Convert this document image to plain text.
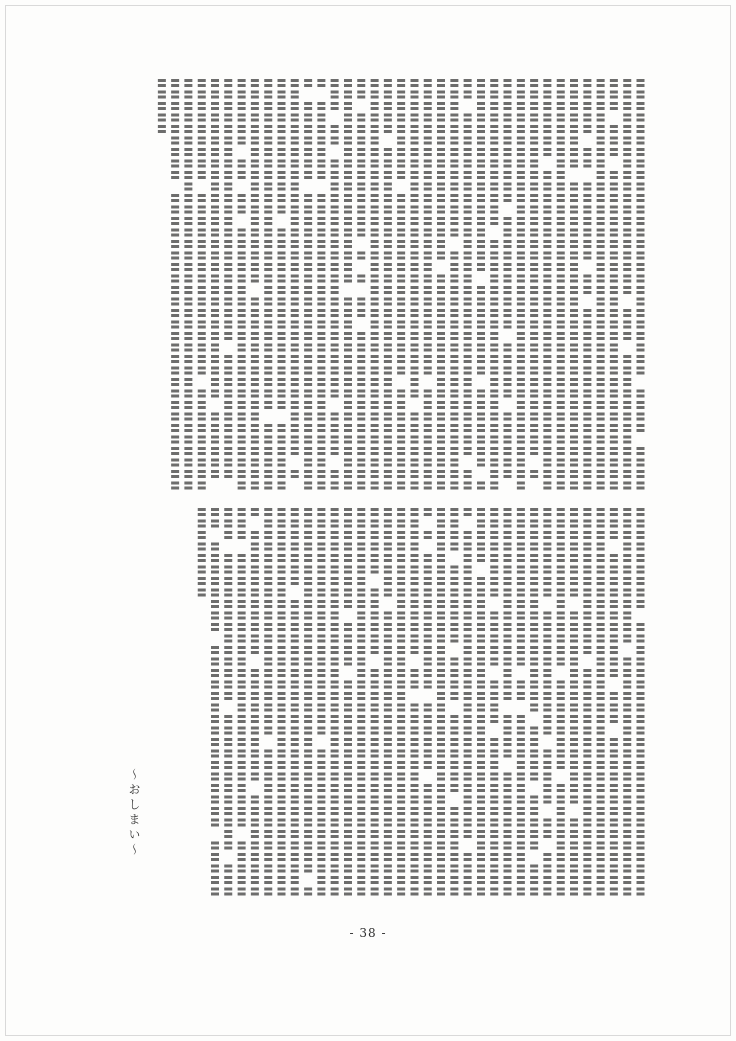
〓〓〓〓〓〓〓〓〓〓〓〓〓〓〓〓〓〓〓〓〓〓〓〓〓〓　〓〓〓〓　〓〓〓〓〓〓〓〓〓〓〓〓〓〓〓〓〓〓〓〓〓〓〓　〓〓〓　〓〓〓〓〓〓〓〓〓〓〓〓〓〓〓　〓〓〓　〓〓〓〓〓〓〓〓〓〓〓〓〓〓〓〓〓〓〓〓〓〓〓〓〓〓〓〓〓〓〓〓〓〓〓〓〓〓〓〓〓〓〓〓〓〓〓〓〓〓〓〓〓〓〓〓〓〓〓〓〓〓〓〓〓〓〓〓〓　〓〓　〓〓〓〓〓〓〓　〓〓　〓〓〓〓〓〓〓〓〓〓〓〓〓〓〓〓〓〓〓〓〓〓〓〓　〓〓〓〓〓〓〓〓〓〓〓〓〓〓〓〓〓〓〓〓〓〓〓〓〓〓〓〓〓〓〓〓〓〓〓〓〓〓〓〓〓〓〓〓〓〓〓〓〓〓〓〓〓〓〓〓〓〓〓〓〓〓〓〓〓〓〓〓〓〓　〓〓〓〓〓〓〓〓〓〓〓〓〓〓〓〓〓〓〓〓〓〓〓〓〓〓〓〓〓〓〓〓〓〓〓〓〓〓〓〓〓〓〓〓〓〓〓〓〓〓〓〓〓〓〓〓〓〓〓〓〓　〓　〓〓〓〓〓〓〓〓〓〓〓〓〓〓〓〓〓〓〓〓〓〓〓〓〓〓〓〓〓〓〓〓〓〓〓〓〓〓〓〓〓〓〓〓〓〓〓　〓〓〓〓〓〓〓〓〓〓　〓〓〓〓〓　〓〓〓〓〓〓　〓〓〓〓〓〓〓〓〓〓〓〓〓　〓〓〓〓〓〓〓〓〓〓〓〓〓〓〓〓〓〓〓〓〓〓〓〓〓〓〓〓〓〓〓〓〓〓〓〓〓〓〓　〓〓〓〓〓〓〓〓　〓〓〓〓〓〓〓　〓〓〓　〓〓〓〓〓〓〓〓〓〓〓〓〓〓〓〓〓〓〓〓〓〓〓〓〓〓〓〓〓〓　〓〓〓〓〓〓〓〓〓〓〓〓〓〓〓〓　〓〓〓〓〓〓〓〓〓〓〓〓〓〓〓〓〓〓〓〓〓〓〓〓〓〓〓〓〓〓〓〓〓〓〓〓〓　〓〓〓〓〓〓〓〓〓〓〓〓〓〓〓〓〓〓〓〓〓〓〓〓〓〓〓〓〓〓〓〓〓〓〓〓〓〓〓〓〓〓〓〓〓　〓〓〓〓〓〓〓〓〓〓〓〓〓〓〓〓〓〓〓〓〓〓〓〓〓〓〓〓〓〓〓〓〓〓〓〓〓　〓〓〓〓〓〓〓〓〓〓〓〓〓〓〓〓　〓〓〓〓〓〓〓〓〓〓〓〓〓〓〓〓　〓〓〓〓〓〓〓〓〓〓〓〓〓〓　〓〓〓〓〓〓〓〓〓〓〓〓〓〓〓〓〓〓〓〓〓〓〓〓〓〓〓〓〓〓〓〓〓〓〓〓〓〓〓〓〓〓〓〓〓〓〓〓〓〓〓〓〓〓〓〓〓〓〓〓〓〓〓〓〓〓〓〓　〓〓〓〓〓〓〓〓〓〓〓　〓　〓　〓〓　〓〓〓〓〓〓〓〓〓〓〓〓〓〓〓〓〓〓〓〓〓〓〓〓〓〓〓〓〓〓〓〓　〓〓〓〓〓〓〓〓〓〓〓〓〓〓〓〓〓〓〓〓　〓〓　〓〓〓〓〓〓〓〓〓〓〓〓〓〓〓〓〓〓〓〓〓　〓〓〓〓　〓〓〓　〓〓〓〓〓〓〓　〓〓〓〓〓〓〓〓〓〓〓〓〓〓〓〓〓〓〓〓〓〓〓〓〓〓〓　〓〓〓〓〓〓〓　〓〓〓〓〓〓〓〓〓〓〓〓〓〓〓〓〓〓〓〓〓〓〓〓〓〓〓〓〓〓〓〓〓〓〓〓〓〓〓〓〓〓〓〓〓〓〓〓〓〓〓〓〓〓〓〓〓〓〓　〓　〓〓〓〓〓〓〓〓〓〓〓〓　〓〓〓〓〓〓〓〓〓〓〓〓〓〓〓〓　〓〓〓〓〓〓〓〓〓〓〓〓〓〓〓〓〓〓〓〓〓〓〓〓〓〓〓〓〓〓〓〓〓〓〓　〓〓〓〓〓〓〓〓〓〓〓〓〓〓〓〓〓〓〓〓〓〓〓〓　〓〓〓〓〓〓〓〓〓〓〓〓〓〓〓〓〓〓〓〓〓〓〓　〓〓　〓〓　〓〓〓〓〓〓〓〓〓〓〓〓〓〓〓〓〓〓〓〓〓〓〓〓〓〓〓〓〓〓〓〓〓〓〓〓〓〓〓〓〓〓〓〓〓〓　〓〓〓〓〓〓〓〓〓〓〓　〓〓〓〓〓〓〓〓〓〓〓〓〓〓〓〓〓〓〓〓〓〓〓〓〓〓〓〓　〓〓〓〓〓〓　〓〓〓〓〓〓〓〓〓　〓〓〓〓〓〓〓〓〓〓〓〓〓〓〓〓　〓〓〓〓〓〓〓〓〓〓〓〓〓〓〓〓〓〓〓〓〓〓〓〓〓〓〓〓〓〓〓〓〓〓〓〓〓〓〓〓〓〓〓〓〓〓〓〓〓〓〓〓〓〓　〓〓〓〓〓〓〓〓〓〓〓〓〓〓〓〓〓〓〓〓〓〓〓〓〓〓〓〓〓〓〓
〓〓〓〓〓〓〓〓〓　〓〓〓〓〓〓〓〓〓〓〓〓〓〓〓〓〓〓〓〓〓〓〓〓〓〓〓〓〓〓〓〓〓〓〓〓　〓〓〓〓〓〓〓〓〓〓〓〓〓〓〓〓〓〓〓〓〓〓〓〓　〓〓〓〓〓〓〓〓〓〓〓　〓〓〓　〓〓〓〓〓〓〓〓〓〓〓〓〓〓　〓〓〓〓〓〓〓〓〓〓〓〓〓〓〓〓〓〓〓〓〓〓〓〓〓〓〓〓〓〓〓〓〓〓〓〓〓〓〓〓〓〓〓〓〓〓〓　〓〓〓〓〓〓〓〓〓〓〓〓〓〓〓〓〓〓〓〓〓〓〓〓〓〓〓〓　〓〓〓〓〓〓〓〓〓〓〓〓〓〓〓〓〓　〓〓〓〓〓〓〓〓〓〓〓〓〓〓〓〓〓〓〓〓〓　〓〓〓〓〓〓〓〓　〓〓〓〓〓〓〓〓〓〓〓〓〓〓〓〓〓〓　〓〓〓〓〓〓〓〓〓〓〓　〓〓〓〓〓　〓〓　〓〓〓〓〓〓〓〓〓〓〓〓〓〓〓〓〓〓〓〓〓〓　〓〓〓〓〓　〓〓〓〓〓　〓〓〓〓〓〓〓〓〓〓〓〓〓〓〓〓〓　〓〓　〓〓〓〓〓〓〓〓〓〓〓〓〓〓〓〓〓〓〓〓〓〓〓〓〓〓〓〓〓〓〓〓〓　〓〓〓〓　〓〓〓〓〓〓〓〓〓〓〓〓〓〓〓〓〓〓〓　〓〓〓〓〓　〓〓〓〓　〓〓〓〓〓〓〓〓〓〓〓〓〓〓〓〓〓〓〓　〓〓〓〓〓〓〓〓〓〓〓〓〓〓〓〓〓〓〓〓〓〓〓〓〓〓〓〓〓　〓〓〓〓〓〓〓〓〓〓〓〓〓〓〓〓〓〓〓〓〓〓〓〓〓〓〓　〓〓〓〓〓〓〓〓　〓〓〓〓〓〓〓　〓〓〓〓　〓〓〓〓〓〓〓　〓〓〓〓〓〓〓〓〓〓〓〓〓〓〓〓〓〓〓〓〓〓〓〓〓〓〓〓〓〓〓〓〓〓〓〓〓〓〓〓〓〓〓　〓　〓〓〓〓〓〓〓〓〓〓〓〓　〓〓〓〓〓〓　〓〓〓〓〓〓〓〓〓〓〓〓〓〓〓〓〓〓〓〓〓〓〓　〓〓　〓〓〓〓〓〓〓〓〓〓〓〓〓〓〓〓〓〓〓〓〓〓〓〓〓〓〓〓〓〓〓〓〓〓〓〓〓〓〓〓〓〓〓〓〓〓〓〓〓〓〓〓〓〓〓〓〓〓〓　〓〓〓〓〓〓〓〓〓〓〓〓〓〓〓〓〓〓〓〓〓〓〓〓〓〓〓〓〓〓〓　〓〓〓〓〓〓　〓〓〓〓〓〓〓〓〓〓〓〓〓〓〓〓〓〓〓〓〓〓〓〓〓〓〓〓〓〓〓〓〓〓〓〓〓〓〓〓〓〓〓〓〓〓〓〓〓〓〓〓〓〓〓〓〓〓〓〓〓〓〓　〓〓〓〓　〓〓〓〓〓〓〓〓〓〓〓〓〓〓〓〓〓〓〓〓〓〓〓〓〓〓〓〓〓〓〓〓〓〓〓〓〓〓〓〓〓〓〓〓〓〓〓〓〓〓〓〓〓〓〓〓〓〓〓〓〓〓〓〓〓〓〓〓〓〓〓〓〓　〓〓〓〓〓〓〓〓〓〓〓〓〓〓〓〓〓〓〓〓〓〓〓〓〓〓〓〓〓〓〓〓〓〓〓〓〓〓〓〓〓〓〓〓〓　〓〓〓〓〓〓〓〓　〓〓〓〓〓〓〓〓〓〓〓〓〓〓〓〓〓〓〓〓〓〓〓〓〓〓〓〓〓〓〓〓〓〓〓〓〓〓〓〓〓〓〓〓〓〓〓〓〓〓〓〓〓〓〓〓〓〓〓〓〓〓〓〓〓〓〓〓〓〓〓〓〓〓〓〓〓〓〓〓　〓〓〓〓〓〓〓〓〓〓〓〓〓〓　〓〓〓〓〓〓〓〓〓〓〓　〓〓〓〓〓〓〓〓〓〓　〓〓〓〓〓〓〓〓〓〓〓〓　〓〓〓〓〓〓〓〓〓〓〓〓〓〓〓〓〓〓〓〓〓〓〓〓　〓〓〓〓〓〓〓〓　〓〓〓〓〓〓〓〓〓〓〓〓〓　〓〓〓〓〓〓〓〓〓〓〓〓　〓〓〓〓〓　〓〓〓〓〓〓〓〓　〓〓〓〓〓〓〓〓〓〓〓〓〓〓〓〓　〓〓〓〓〓〓〓〓〓〓〓〓〓
〜おしまい〜
- 38 -
